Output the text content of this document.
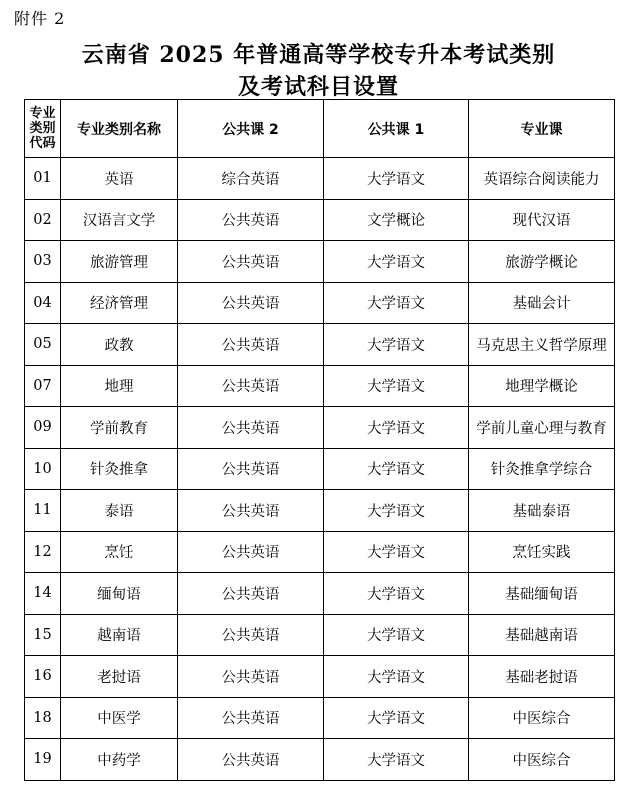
附件 2
云南省 2025 年普通高等学校专升本考试类别
及考试科目设置
专业
类别
代码	专业类别名称	公共课 2	公共课 1	专业课
01	英语	综合英语	大学语文	英语综合阅读能力
02	汉语言文学	公共英语	文学概论	现代汉语
03	旅游管理	公共英语	大学语文	旅游学概论
04	经济管理	公共英语	大学语文	基础会计
05	政教	公共英语	大学语文	马克思主义哲学原理
07	地理	公共英语	大学语文	地理学概论
09	学前教育	公共英语	大学语文	学前儿童心理与教育
10	针灸推拿	公共英语	大学语文	针灸推拿学综合
11	泰语	公共英语	大学语文	基础泰语
12	烹饪	公共英语	大学语文	烹饪实践
14	缅甸语	公共英语	大学语文	基础缅甸语
15	越南语	公共英语	大学语文	基础越南语
16	老挝语	公共英语	大学语文	基础老挝语
18	中医学	公共英语	大学语文	中医综合
19	中药学	公共英语	大学语文	中医综合
